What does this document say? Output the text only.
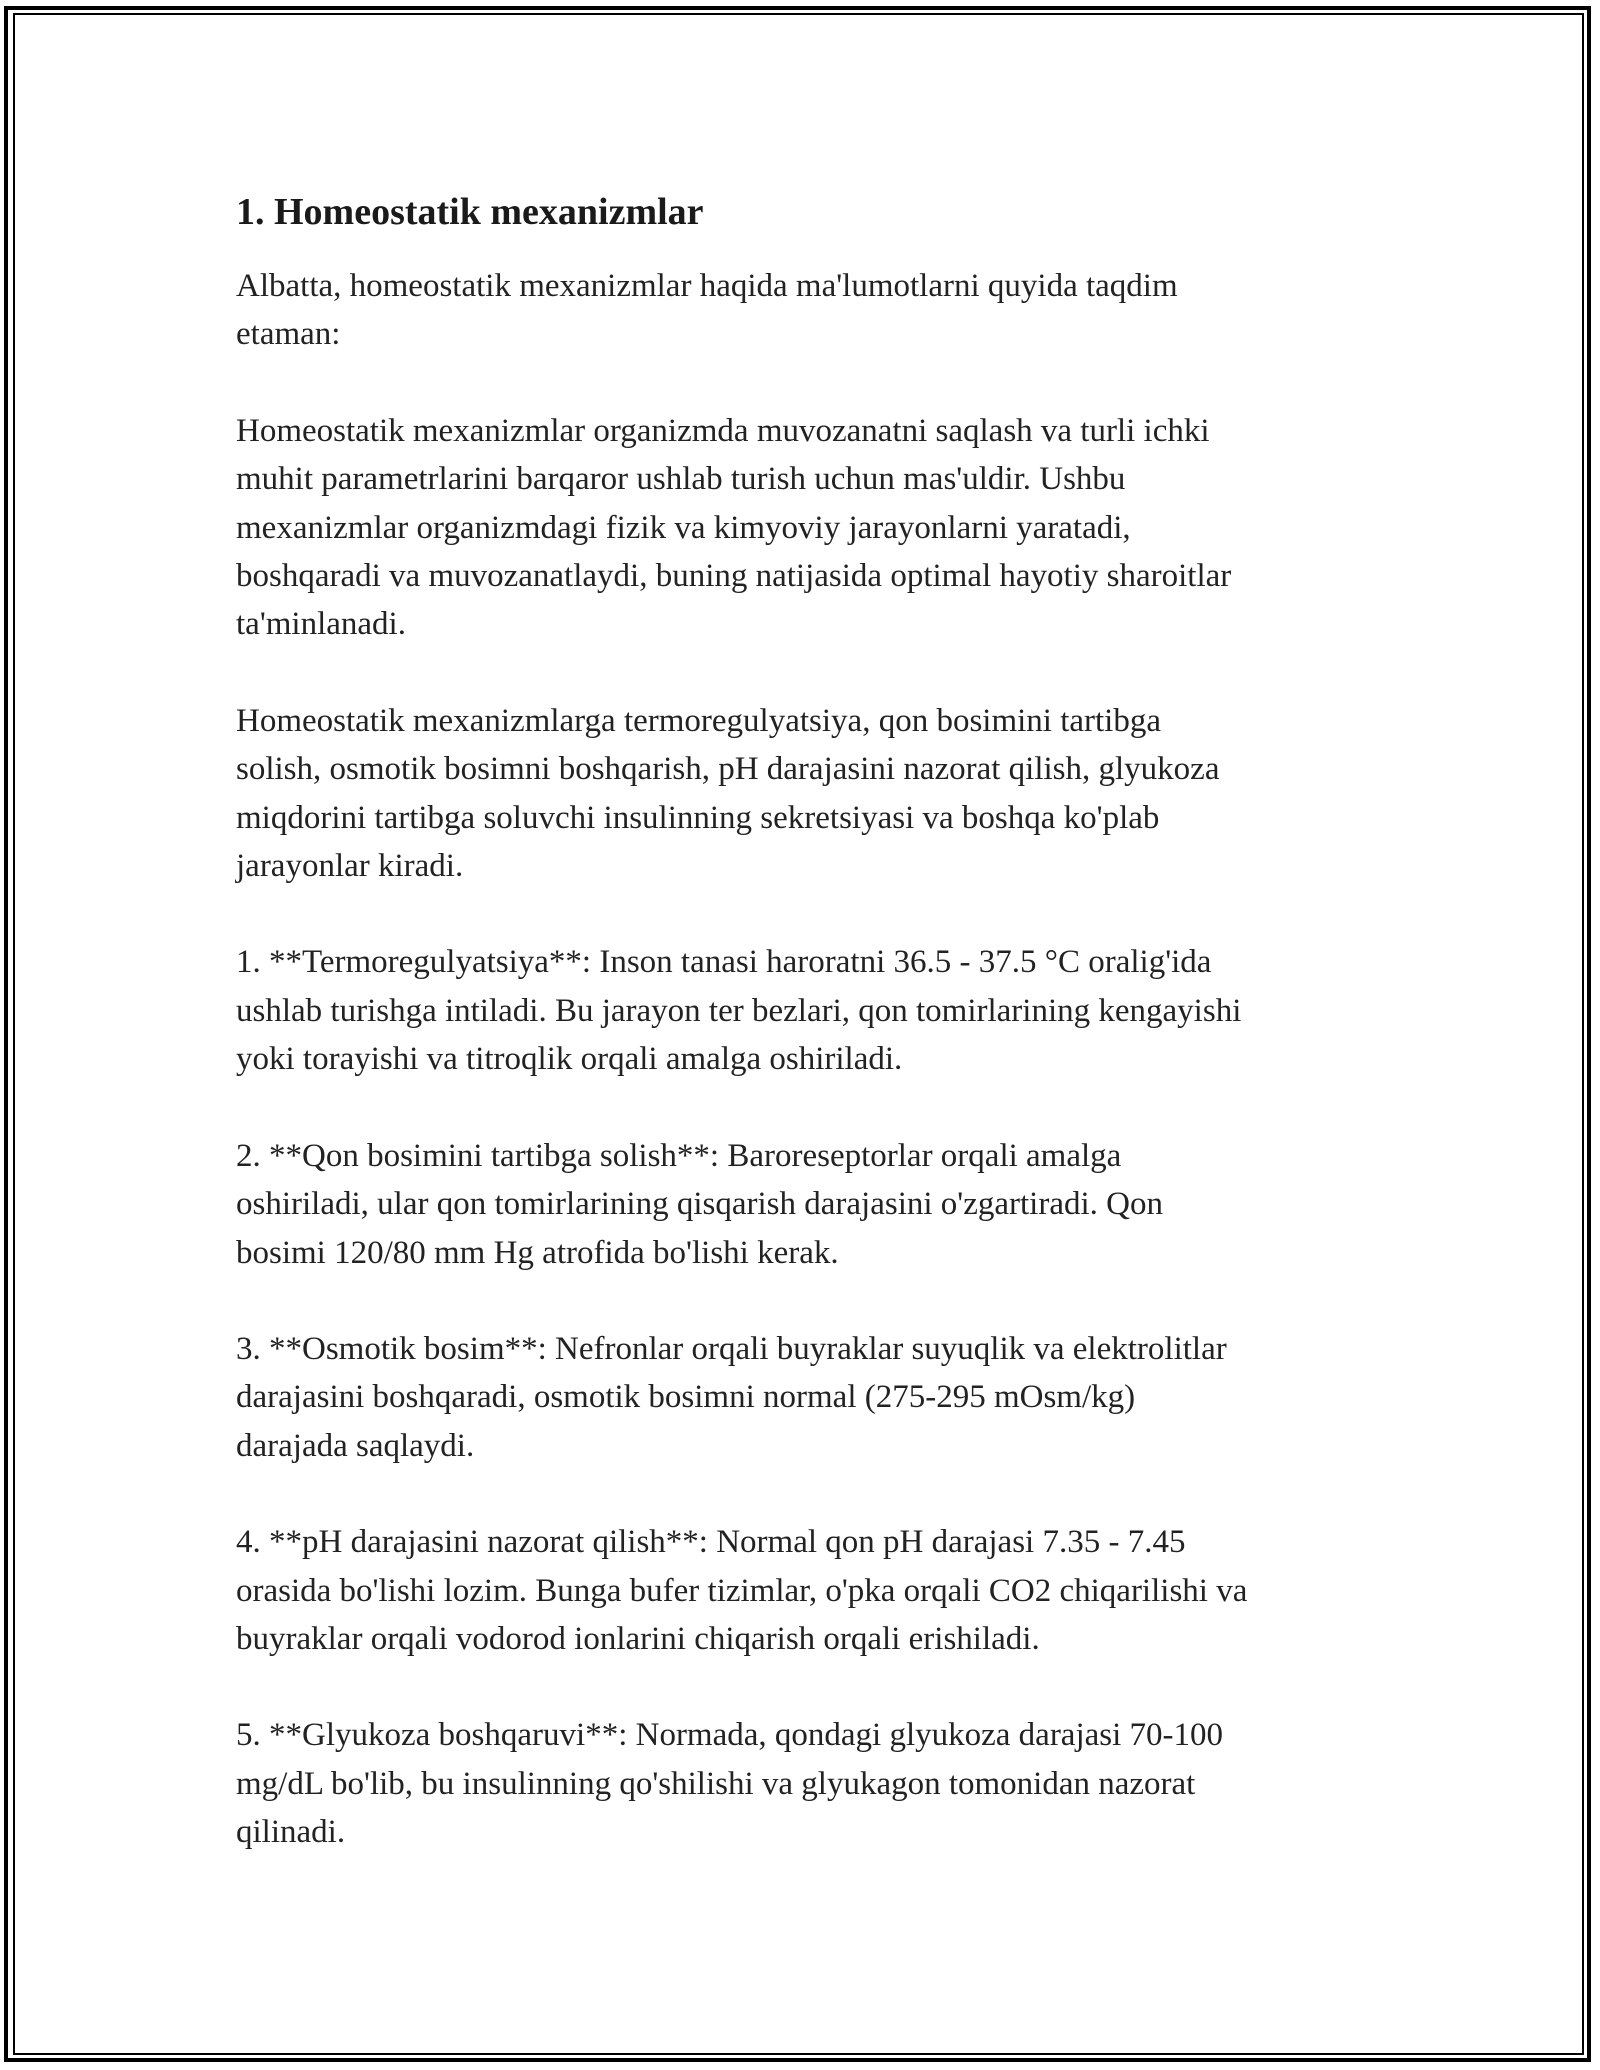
1. Homeostatik mexanizmlar

Albatta, homeostatik mexanizmlar haqida ma'lumotlarni quyida taqdim
etaman:

Homeostatik mexanizmlar organizmda muvozanatni saqlash va turli ichki
muhit parametrlarini barqaror ushlab turish uchun mas'uldir. Ushbu
mexanizmlar organizmdagi fizik va kimyoviy jarayonlarni yaratadi,
boshqaradi va muvozanatlaydi, buning natijasida optimal hayotiy sharoitlar
ta'minlanadi.

Homeostatik mexanizmlarga termoregulyatsiya, qon bosimini tartibga
solish, osmotik bosimni boshqarish, pH darajasini nazorat qilish, glyukoza
miqdorini tartibga soluvchi insulinning sekretsiyasi va boshqa ko'plab
jarayonlar kiradi.

1. **Termoregulyatsiya**: Inson tanasi haroratni 36.5 - 37.5 °C oralig'ida
ushlab turishga intiladi. Bu jarayon ter bezlari, qon tomirlarining kengayishi
yoki torayishi va titroqlik orqali amalga oshiriladi.

2. **Qon bosimini tartibga solish**: Baroreseptorlar orqali amalga
oshiriladi, ular qon tomirlarining qisqarish darajasini o'zgartiradi. Qon
bosimi 120/80 mm Hg atrofida bo'lishi kerak.

3. **Osmotik bosim**: Nefronlar orqali buyraklar suyuqlik va elektrolitlar
darajasini boshqaradi, osmotik bosimni normal (275-295 mOsm/kg)
darajada saqlaydi.

4. **pH darajasini nazorat qilish**: Normal qon pH darajasi 7.35 - 7.45
orasida bo'lishi lozim. Bunga bufer tizimlar, o'pka orqali CO2 chiqarilishi va
buyraklar orqali vodorod ionlarini chiqarish orqali erishiladi.

5. **Glyukoza boshqaruvi**: Normada, qondagi glyukoza darajasi 70-100
mg/dL bo'lib, bu insulinning qo'shilishi va glyukagon tomonidan nazorat
qilinadi.
